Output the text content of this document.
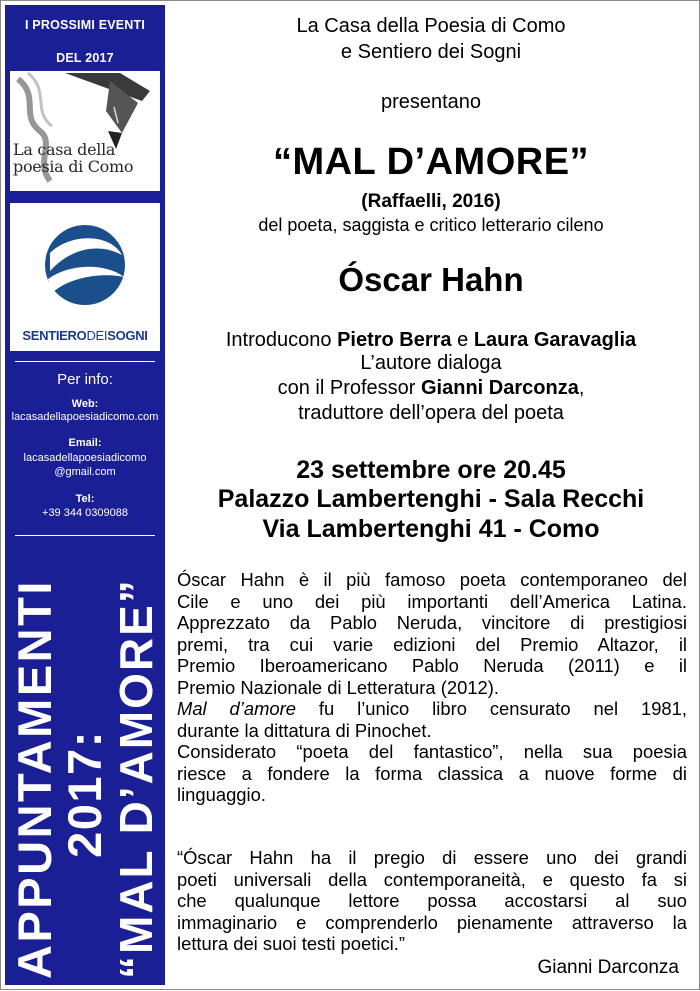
I PROSSIMI EVENTI
DEL 2017
La casa della
poesia di Como
SENTIERODEISOGNI
Per info:
Web:
lacasadellapoesiadicomo.com
Email:
lacasadellapoesiadicomo
@gmail.com
Tel:
+39 344 0309088
APPUNTAMENTI
2017: “MAL D’AMORE”
La Casa della Poesia di Como
e Sentiero dei Sogni
presentano
“MAL D’AMORE”
(Raffaelli, 2016)
del poeta, saggista e critico letterario cileno
Óscar Hahn
Introducono Pietro Berra e Laura Garavaglia
L’autore dialoga
con il Professor Gianni Darconza,
traduttore dell’opera del poeta
23 settembre ore 20.45
Palazzo Lambertenghi - Sala Recchi
Via Lambertenghi 41 - Como
Óscar Hahn è il più famoso poeta contemporaneo del
Cile e uno dei più importanti dell’America Latina.
Apprezzato da Pablo Neruda, vincitore di prestigiosi
premi, tra cui varie edizioni del Premio Altazor, il
Premio Iberoamericano Pablo Neruda (2011) e il
Premio Nazionale di Letteratura (2012).
Mal d’amore fu l’unico libro censurato nel 1981,
durante la dittatura di Pinochet.
Considerato “poeta del fantastico”, nella sua poesia
riesce a fondere la forma classica a nuove forme di
linguaggio.
“Óscar Hahn ha il pregio di essere uno dei grandi
poeti universali della contemporaneità, e questo fa si
che qualunque lettore possa accostarsi al suo
immaginario e comprenderlo pienamente attraverso la
lettura dei suoi testi poetici.”
Gianni Darconza
